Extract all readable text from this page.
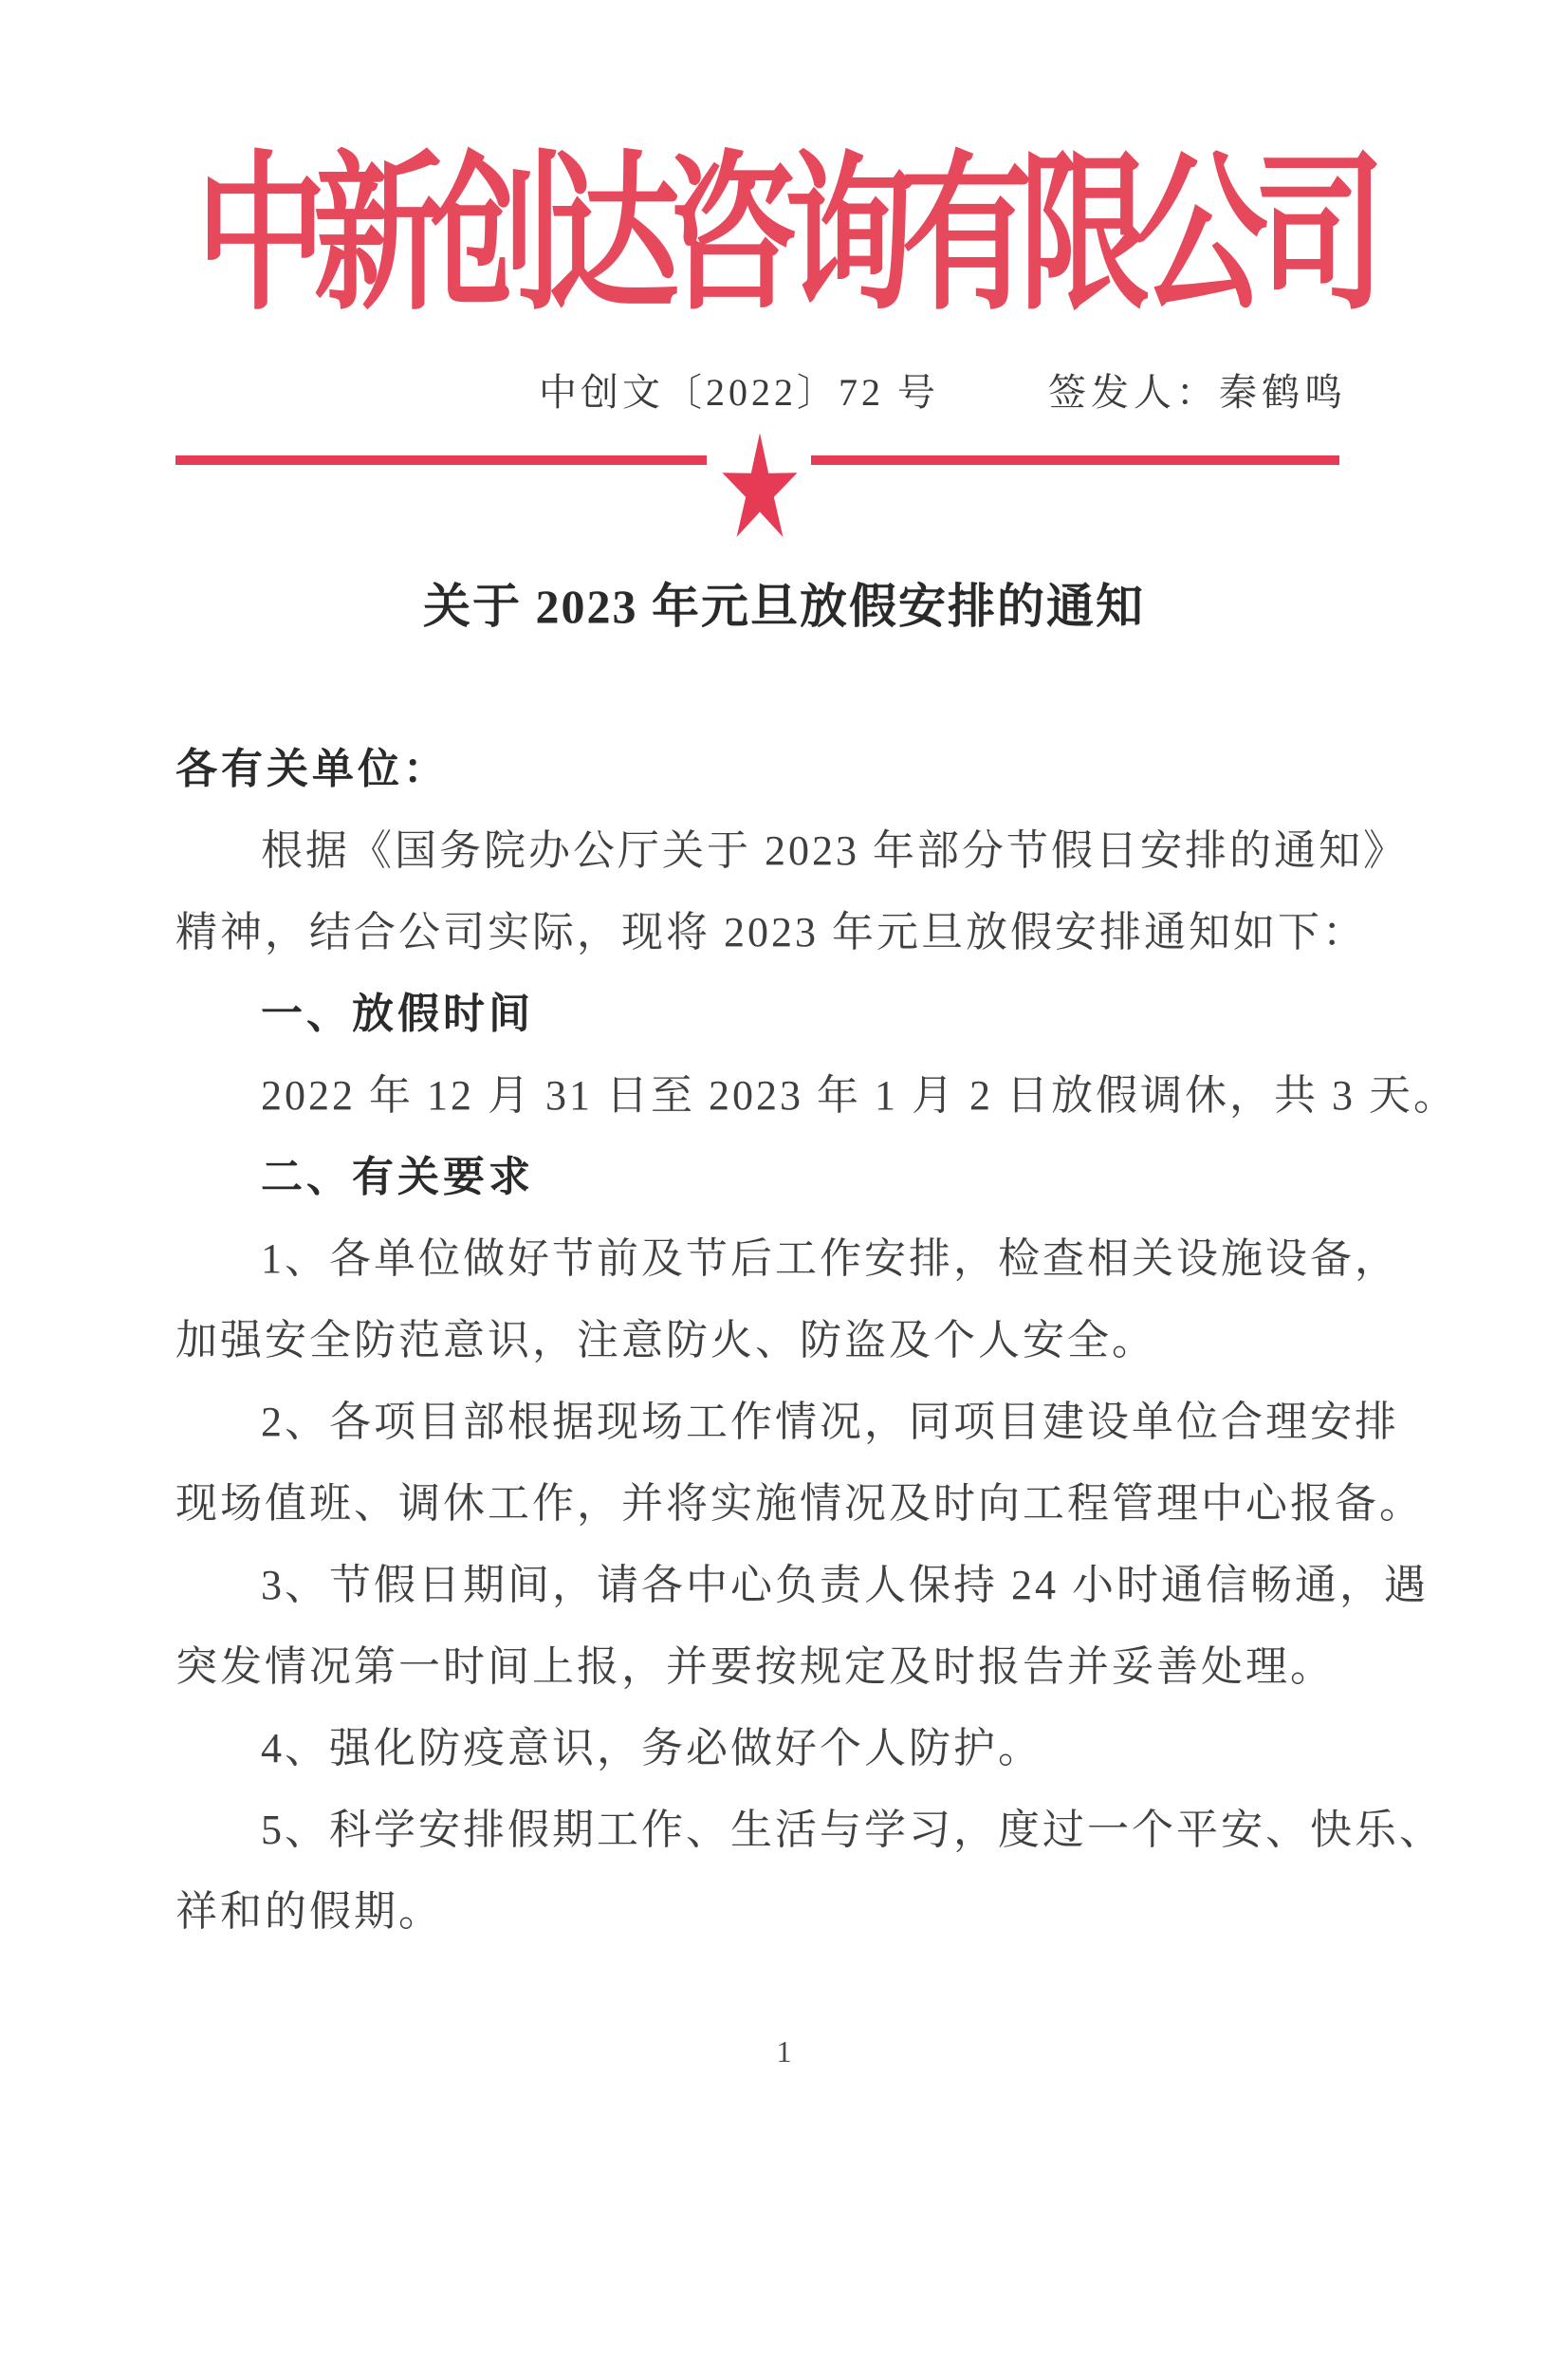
中新创达咨询有限公司
中创文〔2022〕72 号	签发人：秦鹤鸣
关于 2023 年元旦放假安排的通知
各有关单位：
根据《国务院办公厅关于 2023 年部分节假日安排的通知》
精神，结合公司实际，现将 2023 年元旦放假安排通知如下：
一、放假时间
2022 年 12 月 31 日至 2023 年 1 月 2 日放假调休，共 3 天。
二、有关要求
1、各单位做好节前及节后工作安排，检查相关设施设备，
加强安全防范意识，注意防火、防盗及个人安全。
2、各项目部根据现场工作情况，同项目建设单位合理安排
现场值班、调休工作，并将实施情况及时向工程管理中心报备。
3、节假日期间，请各中心负责人保持 24 小时通信畅通，遇
突发情况第一时间上报，并要按规定及时报告并妥善处理。
4、强化防疫意识，务必做好个人防护。
5、科学安排假期工作、生活与学习，度过一个平安、快乐、
祥和的假期。
1
